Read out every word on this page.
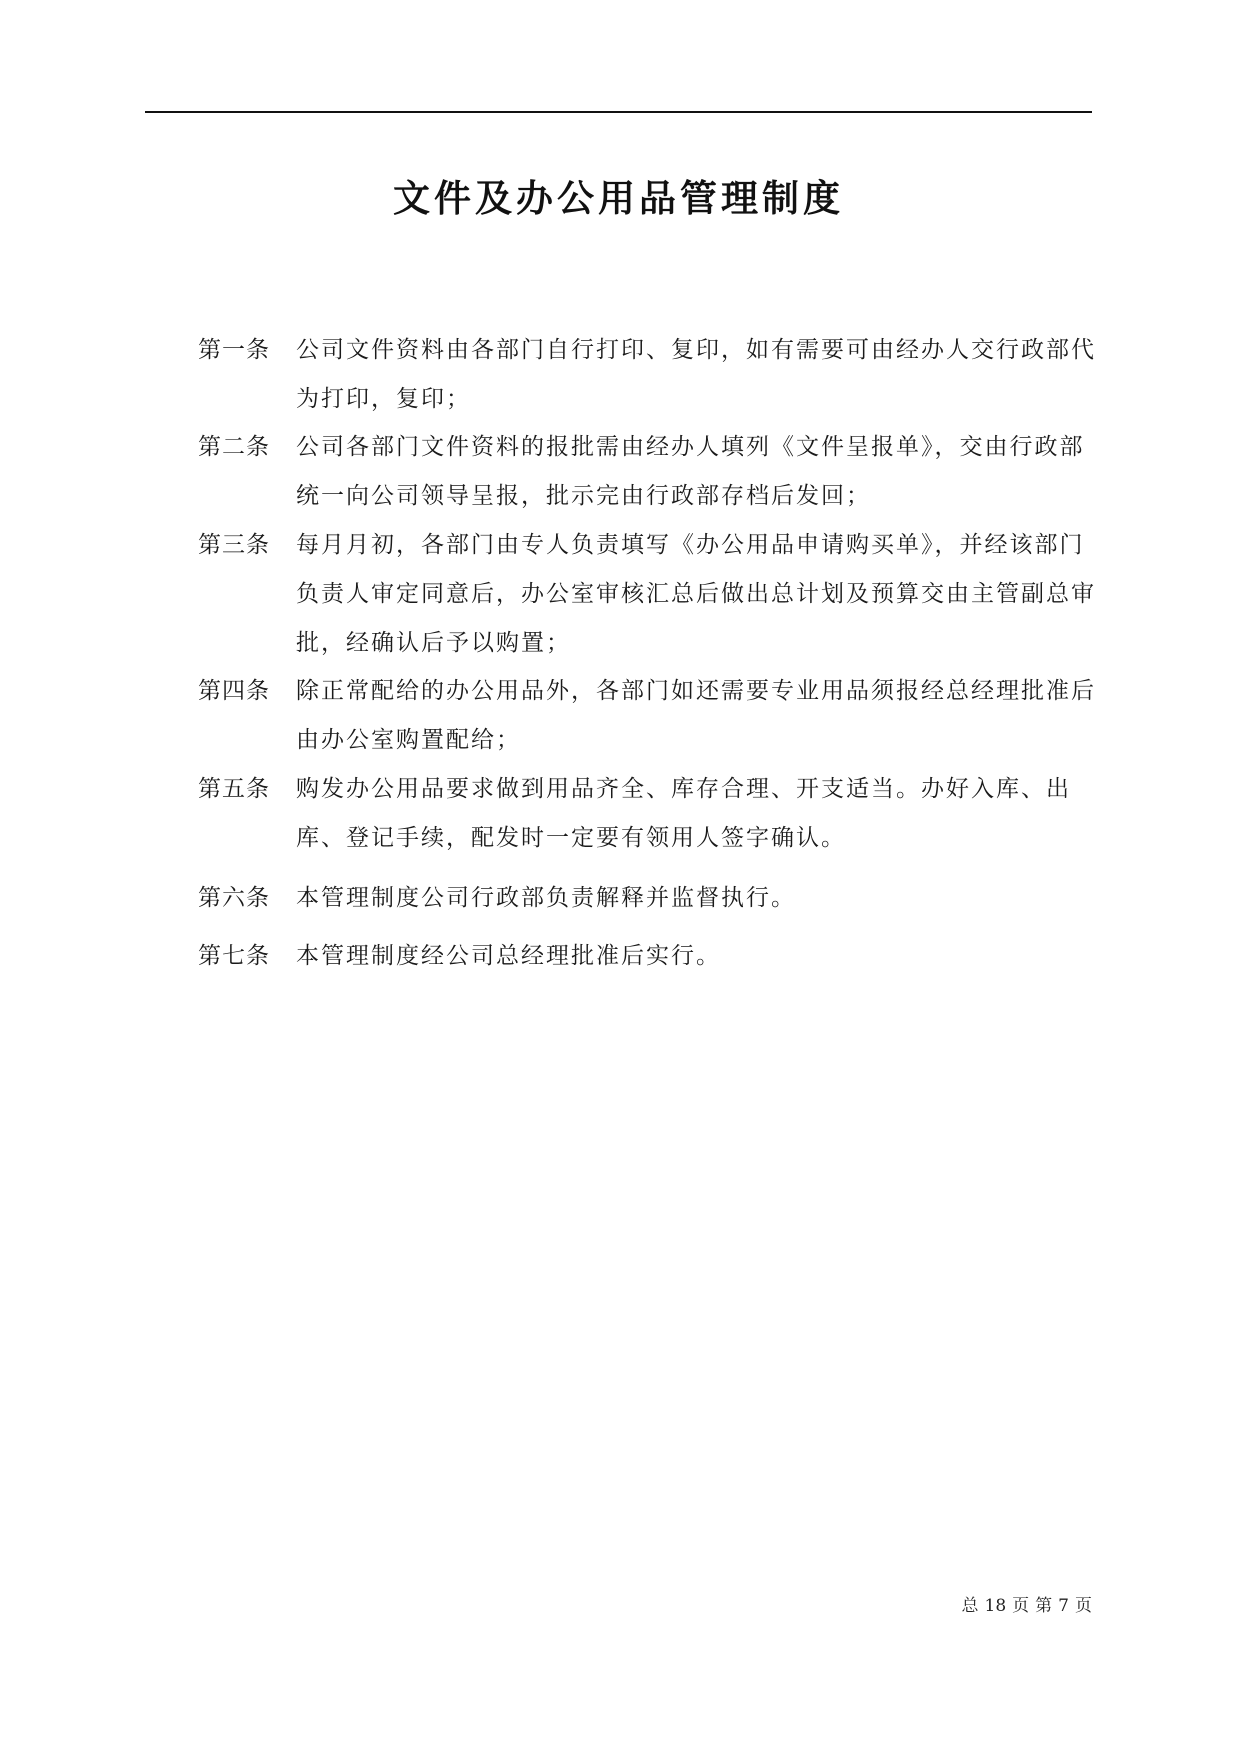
文件及办公用品管理制度
第一条	公司文件资料由各部门自行打印、复印，如有需要可由经办人交行政部代为打印，复印；
第二条	公司各部门文件资料的报批需由经办人填列《文件呈报单》，交由行政部统一向公司领导呈报，批示完由行政部存档后发回；
第三条	每月月初，各部门由专人负责填写《办公用品申请购买单》，并经该部门负责人审定同意后，办公室审核汇总后做出总计划及预算交由主管副总审批，经确认后予以购置；
第四条	除正常配给的办公用品外，各部门如还需要专业用品须报经总经理批准后由办公室购置配给；
第五条	购发办公用品要求做到用品齐全、库存合理、开支适当。办好入库、出库、登记手续，配发时一定要有领用人签字确认。
第六条	本管理制度公司行政部负责解释并监督执行。
第七条	本管理制度经公司总经理批准后实行。
总 18 页 第 7 页
